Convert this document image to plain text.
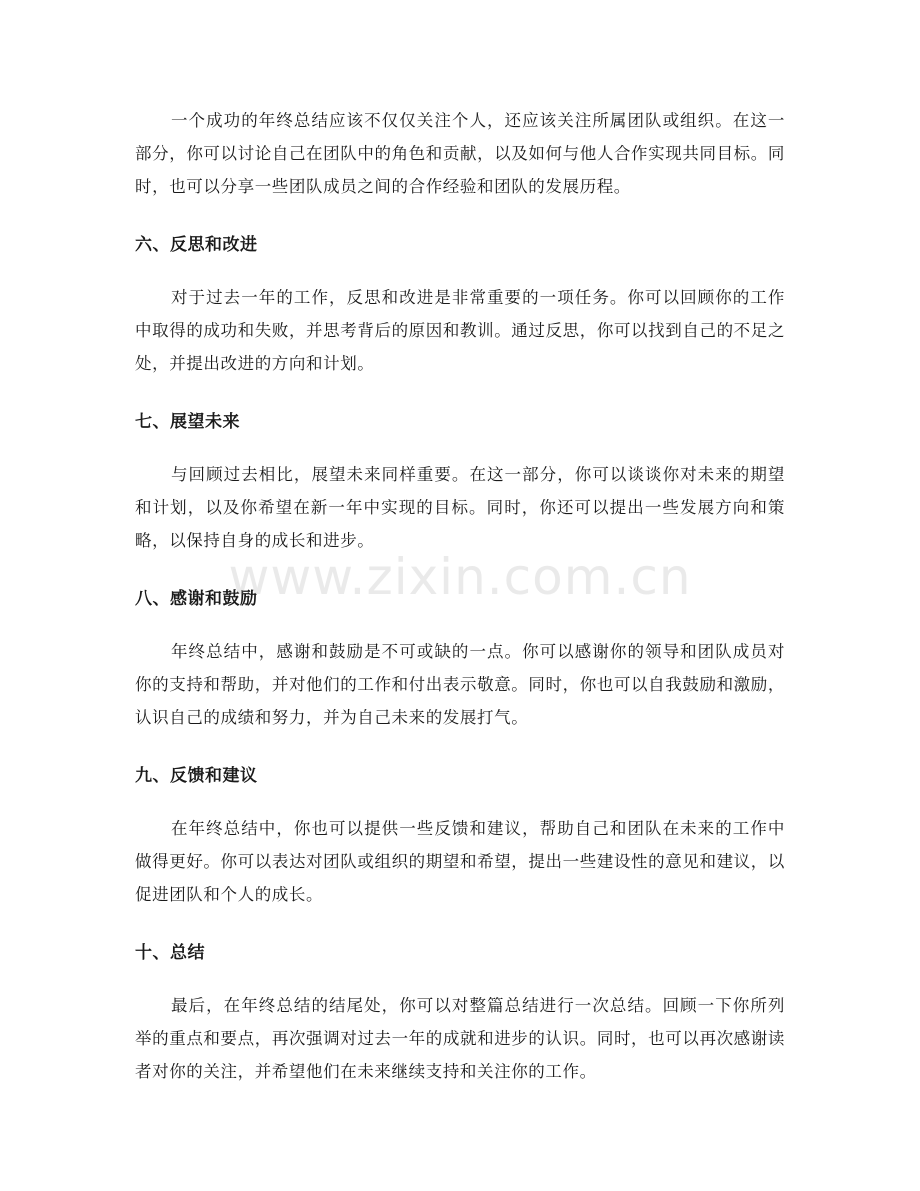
一个成功的年终总结应该不仅仅关注个人，还应该关注所属团队或组织。在这一部分，你可以讨论自己在团队中的角色和贡献，以及如何与他人合作实现共同目标。同时，也可以分享一些团队成员之间的合作经验和团队的发展历程。

六、反思和改进

对于过去一年的工作，反思和改进是非常重要的一项任务。你可以回顾你的工作中取得的成功和失败，并思考背后的原因和教训。通过反思，你可以找到自己的不足之处，并提出改进的方向和计划。

七、展望未来

与回顾过去相比，展望未来同样重要。在这一部分，你可以谈谈你对未来的期望和计划，以及你希望在新一年中实现的目标。同时，你还可以提出一些发展方向和策略，以保持自身的成长和进步。

八、感谢和鼓励

年终总结中，感谢和鼓励是不可或缺的一点。你可以感谢你的领导和团队成员对你的支持和帮助，并对他们的工作和付出表示敬意。同时，你也可以自我鼓励和激励，认识自己的成绩和努力，并为自己未来的发展打气。

九、反馈和建议

在年终总结中，你也可以提供一些反馈和建议，帮助自己和团队在未来的工作中做得更好。你可以表达对团队或组织的期望和希望，提出一些建设性的意见和建议，以促进团队和个人的成长。

十、总结

最后，在年终总结的结尾处，你可以对整篇总结进行一次总结。回顾一下你所列举的重点和要点，再次强调对过去一年的成就和进步的认识。同时，也可以再次感谢读者对你的关注，并希望他们在未来继续支持和关注你的工作。

www.zixin.com.cn
